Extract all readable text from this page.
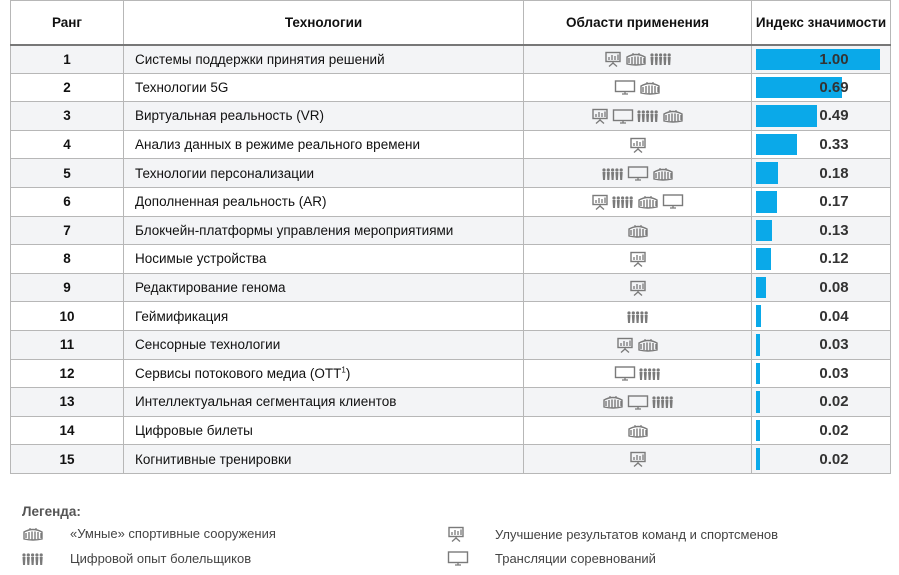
Ранг	Технологии	Области применения	Индекс значимости
1	Системы поддержки принятия решений		1.00

2	Технологии 5G		0.69

3	Виртуальная реальность (VR)		0.49

4	Анализ данных в режиме реального времени		0.33

5	Технологии персонализации		0.18

6	Дополненная реальность (AR)		0.17

7	Блокчейн-платформы управления мероприятиями		0.13

8	Носимые устройства		0.12

9	Редактирование генома		0.08

10	Геймификация		0.04

11	Сенсорные технологии		0.03

12	Сервисы потокового медиа (OTT$^1$)		0.03

13	Интеллектуальная сегментация клиентов		0.02

14	Цифровые билеты		0.02

15	Когнитивные тренировки		0.02
Легенда:
«Умные» спортивные сооружения
Цифровой опыт болельщиков
Улучшение результатов команд и спортсменов
Трансляции соревнований
